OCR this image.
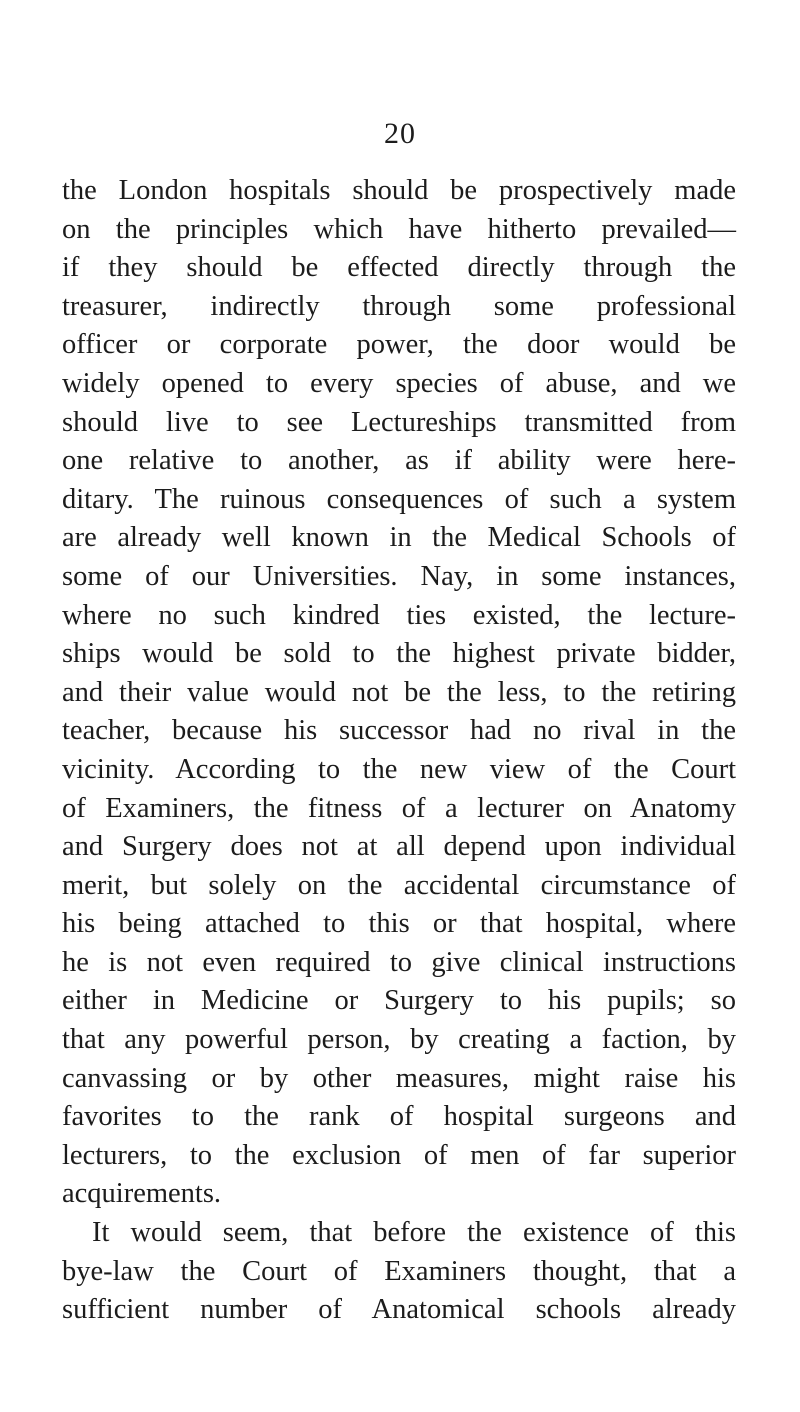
20
the London hospitals should be prospectively made
on the principles which have hitherto prevailed—
if they should be effected directly through the
treasurer, indirectly through some professional
officer or corporate power, the door would be
widely opened to every species of abuse, and we
should live to see Lectureships transmitted from
one relative to another, as if ability were here-
ditary. The ruinous consequences of such a system
are already well known in the Medical Schools of
some of our Universities. Nay, in some instances,
where no such kindred ties existed, the lecture-
ships would be sold to the highest private bidder,
and their value would not be the less, to the retiring
teacher, because his successor had no rival in the
vicinity. According to the new view of the Court
of Examiners, the fitness of a lecturer on Anatomy
and Surgery does not at all depend upon individual
merit, but solely on the accidental circumstance of
his being attached to this or that hospital, where
he is not even required to give clinical instructions
either in Medicine or Surgery to his pupils; so
that any powerful person, by creating a faction, by
canvassing or by other measures, might raise his
favorites to the rank of hospital surgeons and
lecturers, to the exclusion of men of far superior
acquirements.
It would seem, that before the existence of this
bye-law the Court of Examiners thought, that a
sufficient number of Anatomical schools already
